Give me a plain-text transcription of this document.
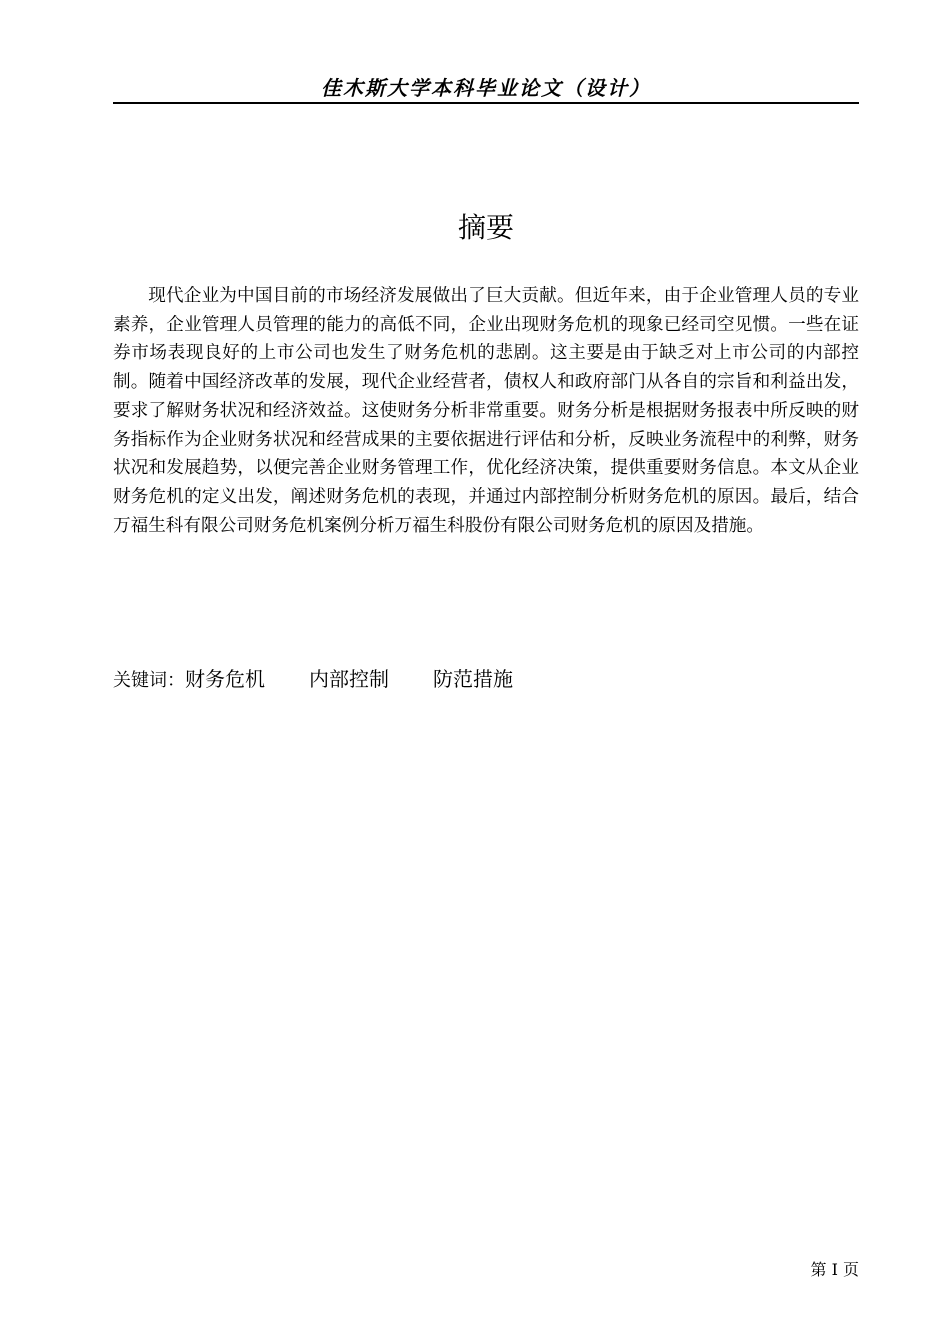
佳木斯大学本科毕业论文（设计）
摘要

现代企业为中国目前的市场经济发展做出了巨大贡献。但近年来，由于企业管理人员的专业素养，企业管理人员管理的能力的高低不同，企业出现财务危机的现象已经司空见惯。一些在证券市场表现良好的上市公司也发生了财务危机的悲剧。这主要是由于缺乏对上市公司的内部控制。随着中国经济改革的发展，现代企业经营者，债权人和政府部门从各自的宗旨和利益出发，要求了解财务状况和经济效益。这使财务分析非常重要。财务分析是根据财务报表中所反映的财务指标作为企业财务状况和经营成果的主要依据进行评估和分析，反映业务流程中的利弊，财务状况和发展趋势，以便完善企业财务管理工作，优化经济决策，提供重要财务信息。本文从企业财务危机的定义出发，阐述财务危机的表现，并通过内部控制分析财务危机的原因。最后，结合万福生科有限公司财务危机案例分析万福生科股份有限公司财务危机的原因及措施。

关键词：财务危机 内部控制 防范措施
第 I 页
